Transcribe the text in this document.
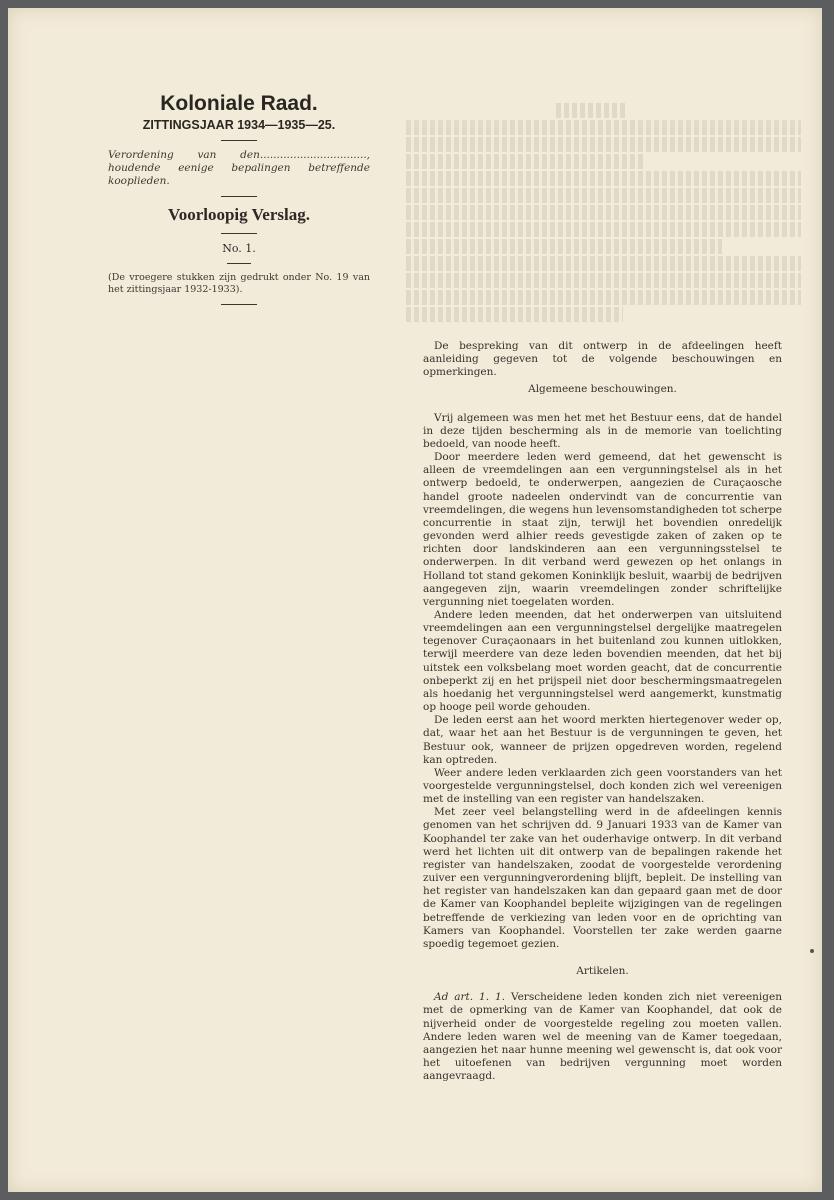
Koloniale Raad.
ZITTINGSJAAR 1934—1935—25.
Verordening van den................................, houdende eenige bepalingen betreffende kooplieden.
Voorloopig Verslag.
No. 1.
(De vroegere stukken zijn gedrukt onder No. 19 van het zittingsjaar 1932-1933).

De bespreking van dit ontwerp in de afdeelingen heeft aanleiding gegeven tot de volgende beschouwingen en opmerkingen.

Algemeene beschouwingen.

Vrij algemeen was men het met het Bestuur eens, dat de handel in deze tijden bescherming als in de memorie van toelichting bedoeld, van noode heeft.

Door meerdere leden werd gemeend, dat het gewenscht is alleen de vreemdelingen aan een vergunningstelsel als in het ontwerp bedoeld, te onderwerpen, aangezien de Curaçaosche handel groote nadeelen ondervindt van de concurrentie van vreemdelingen, die wegens hun levensomstandigheden tot scherpe concurrentie in staat zijn, terwijl het bovendien onredelijk gevonden werd alhier reeds gevestigde zaken of zaken op te richten door landskinderen aan een vergunningsstelsel te onderwerpen. In dit verband werd gewezen op het onlangs in Holland tot stand gekomen Koninklijk besluit, waarbij de bedrijven aangegeven zijn, waarin vreemdelingen zonder schriftelijke vergunning niet toegelaten worden.

Andere leden meenden, dat het onderwerpen van uitsluitend vreemdelingen aan een vergunningstelsel dergelijke maatregelen tegenover Curaçaonaars in het buitenland zou kunnen uitlokken, terwijl meerdere van deze leden bovendien meenden, dat het bij uitstek een volksbelang moet worden geacht, dat de concurrentie onbeperkt zij en het prijspeil niet door beschermingsmaatregelen als hoedanig het vergunningstelsel werd aangemerkt, kunstmatig op hooge peil worde gehouden.

De leden eerst aan het woord merkten hiertegenover weder op, dat, waar het aan het Bestuur is de vergunningen te geven, het Bestuur ook, wanneer de prijzen opgedreven worden, regelend kan optreden.

Weer andere leden verklaarden zich geen voorstanders van het voorgestelde vergunningstelsel, doch konden zich wel vereenigen met de instelling van een register van handelszaken.

Met zeer veel belangstelling werd in de afdeelingen kennis genomen van het schrijven dd. 9 Januari 1933 van de Kamer van Koophandel ter zake van het ouderhavige ontwerp. In dit verband werd het lichten uit dit ontwerp van de bepalingen rakende het register van handelszaken, zoodat de voorgestelde verordening zuiver een vergunningverordening blijft, bepleit. De instelling van het register van handelszaken kan dan gepaard gaan met de door de Kamer van Koophandel bepleite wijzigingen van de regelingen betreffende de verkiezing van leden voor en de oprichting van Kamers van Koophandel. Voorstellen ter zake werden gaarne spoedig tegemoet gezien.

Artikelen.

Ad art. 1. 1. Verscheidene leden konden zich niet vereenigen met de opmerking van de Kamer van Koophandel, dat ook de nijverheid onder de voorgestelde regeling zou moeten vallen. Andere leden waren wel de meening van de Kamer toegedaan, aangezien het naar hunne meening wel gewenscht is, dat ook voor het uitoefenen van bedrijven vergunning moet worden aangevraagd.
